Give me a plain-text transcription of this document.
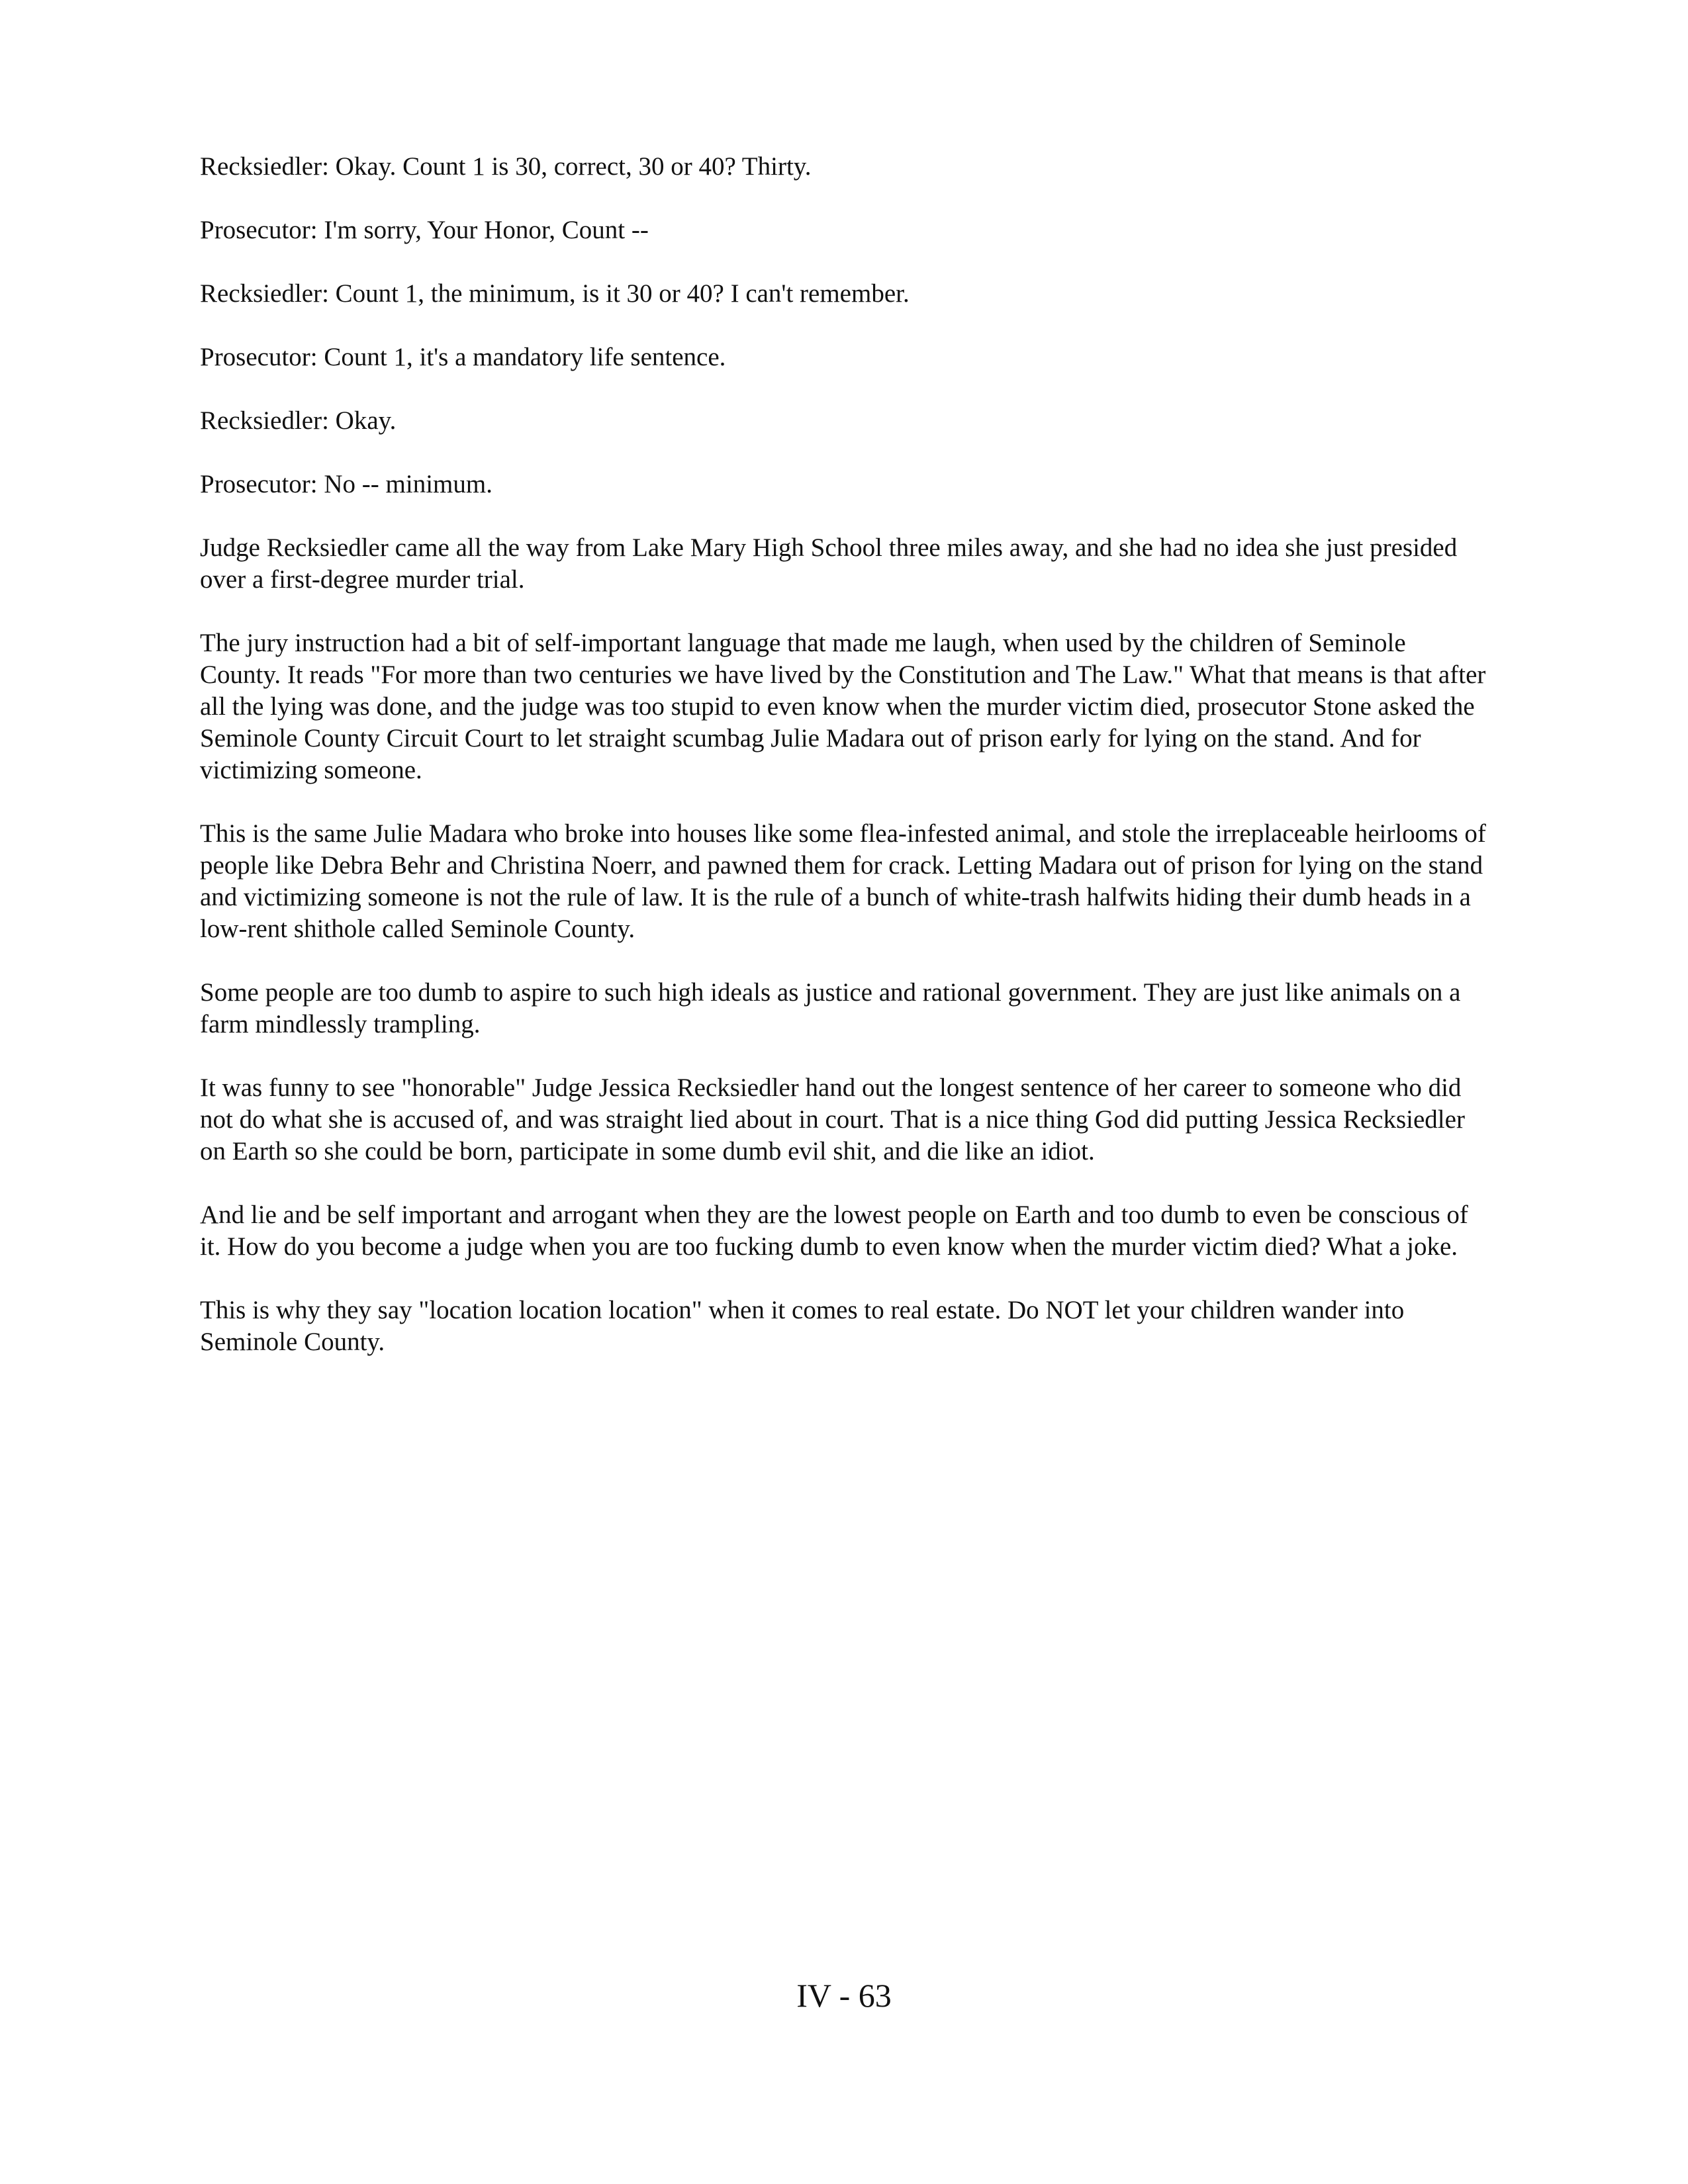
Recksiedler: Okay. Count 1 is 30, correct, 30 or 40? Thirty.

Prosecutor: I'm sorry, Your Honor, Count --

Recksiedler: Count 1, the minimum, is it 30 or 40? I can't remember.

Prosecutor: Count 1, it's a mandatory life sentence.

Recksiedler: Okay.

Prosecutor: No -- minimum.

Judge Recksiedler came all the way from Lake Mary High School three miles away, and she had no idea she just presided over a first-degree murder trial.

The jury instruction had a bit of self-important language that made me laugh, when used by the children of Seminole County. It reads "For more than two centuries we have lived by the Constitution and The Law." What that means is that after all the lying was done, and the judge was too stupid to even know when the murder victim died, prosecutor Stone asked the Seminole County Circuit Court to let straight scumbag Julie Madara out of prison early for lying on the stand. And for victimizing someone.

This is the same Julie Madara who broke into houses like some flea-infested animal, and stole the irreplaceable heirlooms of people like Debra Behr and Christina Noerr, and pawned them for crack. Letting Madara out of prison for lying on the stand and victimizing someone is not the rule of law. It is the rule of a bunch of white-trash halfwits hiding their dumb heads in a low-rent shithole called Seminole County.

Some people are too dumb to aspire to such high ideals as justice and rational government. They are just like animals on a farm mindlessly trampling.

It was funny to see "honorable" Judge Jessica Recksiedler hand out the longest sentence of her career to someone who did not do what she is accused of, and was straight lied about in court. That is a nice thing God did putting Jessica Recksiedler on Earth so she could be born, participate in some dumb evil shit, and die like an idiot.

And lie and be self important and arrogant when they are the lowest people on Earth and too dumb to even be conscious of it. How do you become a judge when you are too fucking dumb to even know when the murder victim died? What a joke.

This is why they say "location location location" when it comes to real estate. Do NOT let your children wander into Seminole County.

IV - 63
